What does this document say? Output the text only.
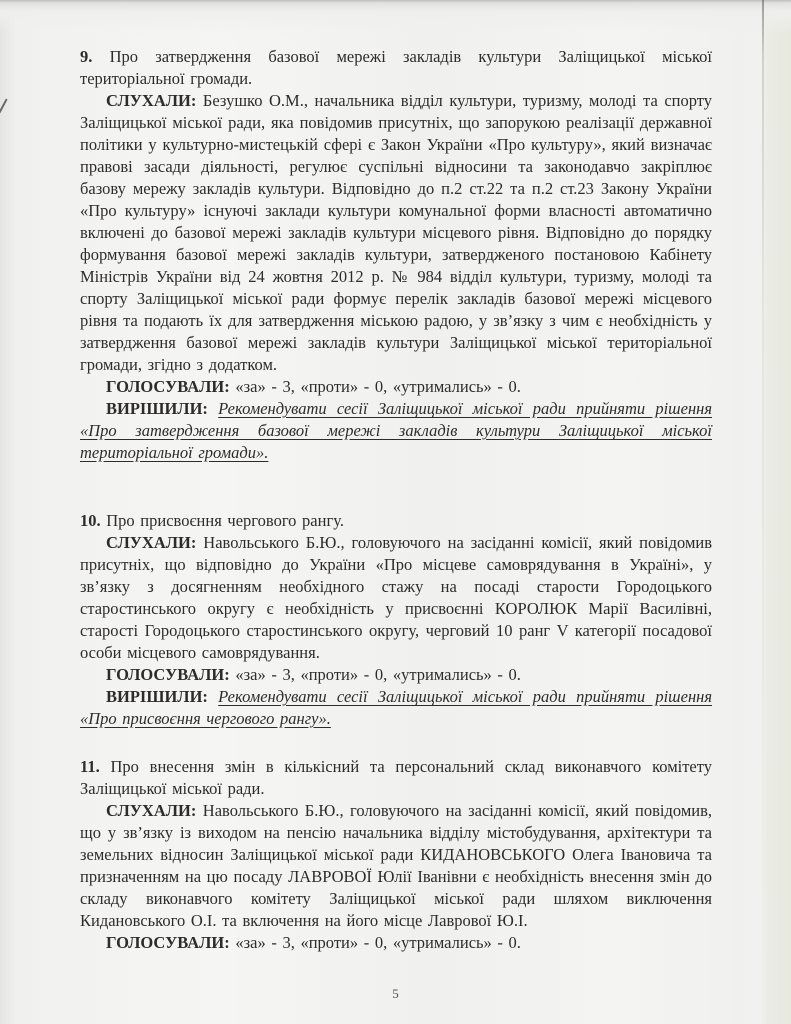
9. Про затвердження базової мережі закладів культури Заліщицької міської територіальної громади.

СЛУХАЛИ: Безушко О.М., начальника відділ культури, туризму, молоді та спорту Заліщицької міської ради, яка повідомив присутніх, що запорукою реалізації державної політики у культурно-мистецькій сфері є Закон України «Про культуру», який визначає правові засади діяльності, регулює суспільні відносини та законодавчо закріплює базову мережу закладів культури. Відповідно до п.2 ст.22 та п.2 ст.23 Закону України «Про культуру» існуючі заклади культури комунальної форми власності автоматично включені до базової мережі закладів культури місцевого рівня. Відповідно до порядку формування базової мережі закладів культури, затвердженого постановою Кабінету Міністрів України від 24 жовтня 2012 р. № 984 відділ культури, туризму, молоді та спорту Заліщицької міської ради формує перелік закладів базової мережі місцевого рівня та подають їх для затвердження міською радою, у зв’язку з чим є необхідність у затвердження базової мережі закладів культури Заліщицької міської територіальної громади, згідно з додатком.

ГОЛОСУВАЛИ: «за» - 3, «проти» - 0, «утримались» - 0.

ВИРІШИЛИ: Рекомендувати сесії Заліщицької міської ради прийняти рішення «Про затвердження базової мережі закладів культури Заліщицької міської територіальної громади».

10. Про присвоєння чергового рангу.

СЛУХАЛИ: Навольського Б.Ю., головуючого на засіданні комісії, який повідомив присутніх, що відповідно до України «Про місцеве самоврядування в Україні», у зв’язку з досягненням необхідного стажу на посаді старости Городоцького старостинського округу є необхідність у присвоєнні КОРОЛЮК Марії Василівні, старості Городоцького старостинського округу, черговий 10 ранг V категорії посадової особи місцевого самоврядування.

ГОЛОСУВАЛИ: «за» - 3, «проти» - 0, «утримались» - 0.

ВИРІШИЛИ: Рекомендувати сесії Заліщицької міської ради прийняти рішення «Про присвоєння чергового рангу».

11. Про внесення змін в кількісний та персональний склад виконавчого комітету Заліщицької міської ради.

СЛУХАЛИ: Навольського Б.Ю., головуючого на засіданні комісії, який повідомив, що у зв’язку із виходом на пенсію начальника відділу містобудування, архітектури та земельних відносин Заліщицької міської ради КИДАНОВСЬКОГО Олега Івановича та призначенням на цю посаду ЛАВРОВОЇ Юлії Іванівни є необхідність внесення змін до складу виконавчого комітету Заліщицької міської ради шляхом виключення Кидановського О.І. та включення на його місце Лаврової Ю.І.

ГОЛОСУВАЛИ: «за» - 3, «проти» - 0, «утримались» - 0.

5
